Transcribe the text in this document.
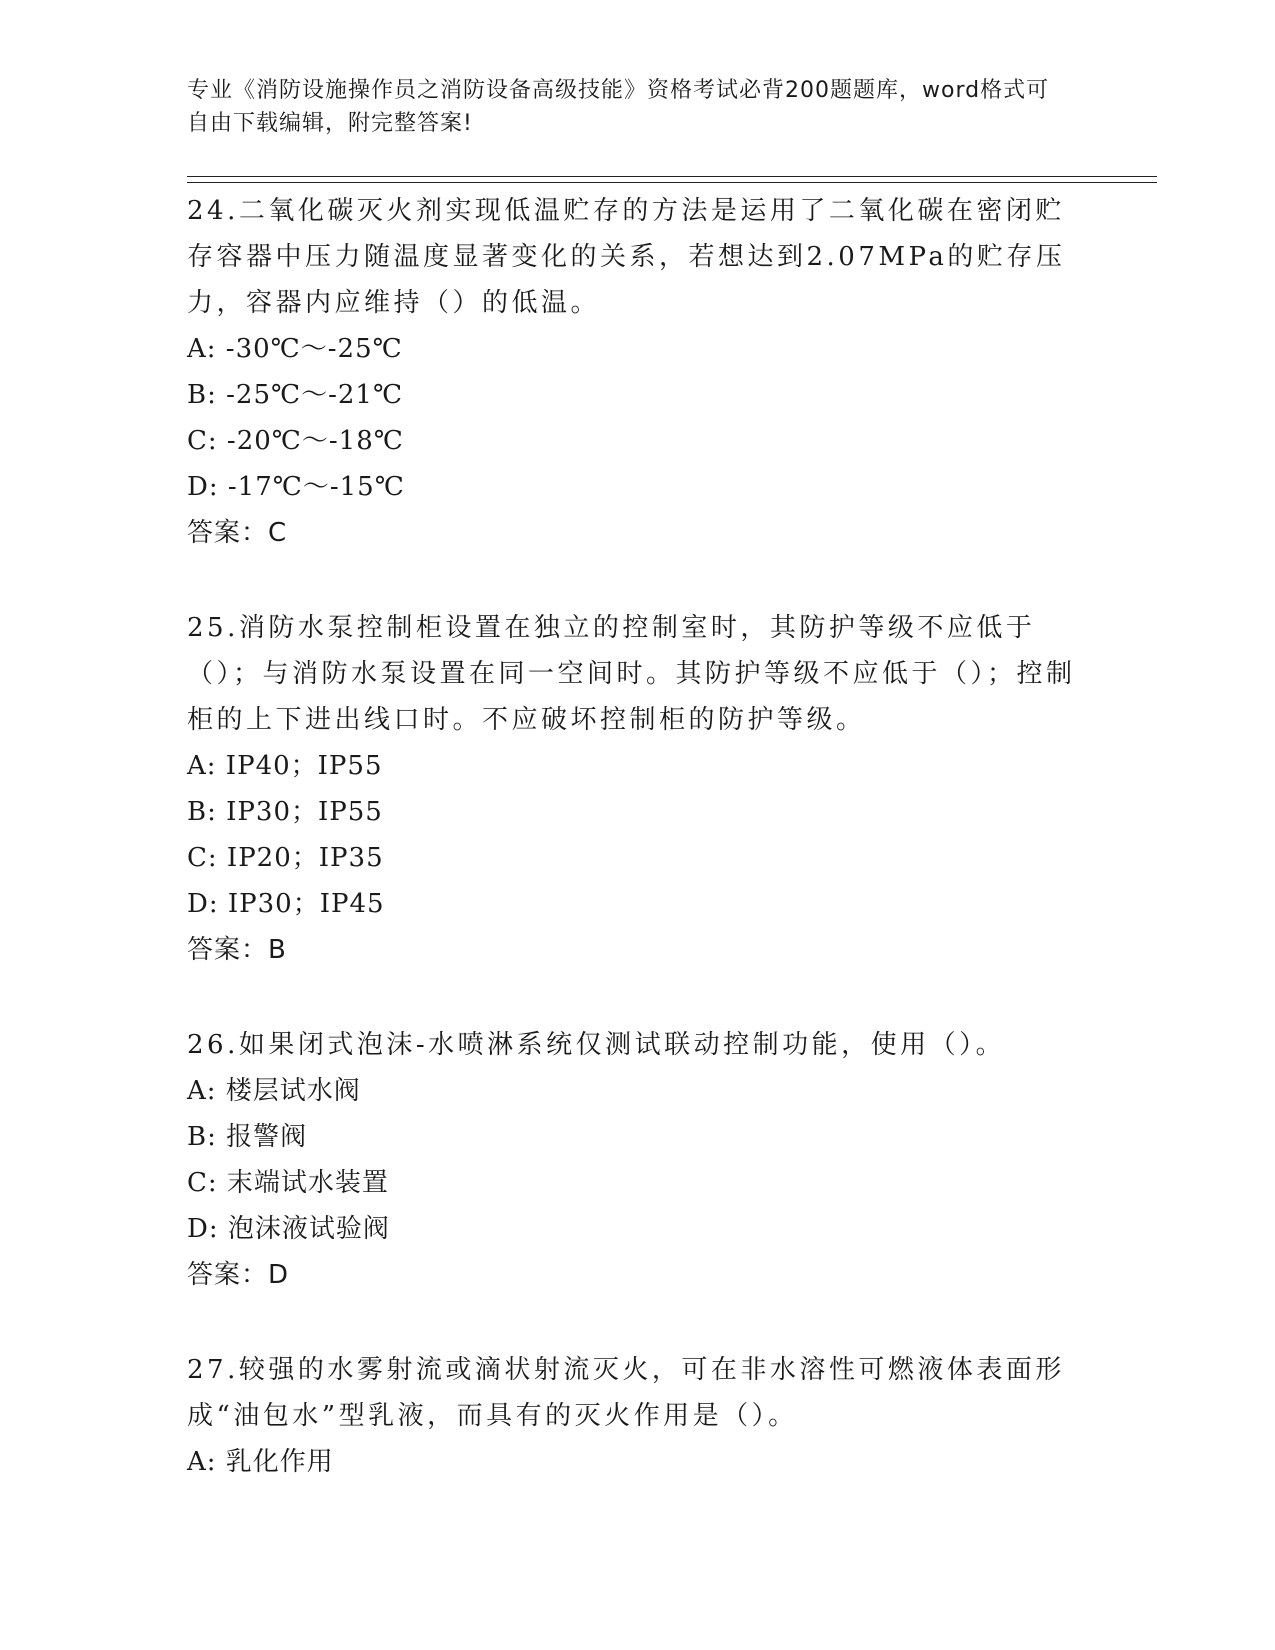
专业《消防设施操作员之消防设备高级技能》资格考试必背200题题库，word格式可自由下载编辑，附完整答案!
24.二氧化碳灭火剂实现低温贮存的方法是运用了二氧化碳在密闭贮存容器中压力随温度显著变化的关系，若想达到2.07MPa的贮存压力，容器内应维持（）的低温。
A: -30℃～-25℃
B: -25℃～-21℃
C: -20℃～-18℃
D: -17℃～-15℃
答案：C
25.消防水泵控制柜设置在独立的控制室时，其防护等级不应低于（）；与消防水泵设置在同一空间时。其防护等级不应低于（）；控制柜的上下进出线口时。不应破坏控制柜的防护等级。
A: IP40；IP55
B: IP30；IP55
C: IP20；IP35
D: IP30；IP45
答案：B
26.如果闭式泡沫-水喷淋系统仅测试联动控制功能，使用（）。
A: 楼层试水阀
B: 报警阀
C: 末端试水装置
D: 泡沫液试验阀
答案：D
27.较强的水雾射流或滴状射流灭火，可在非水溶性可燃液体表面形成“油包水”型乳液，而具有的灭火作用是（）。
A: 乳化作用
